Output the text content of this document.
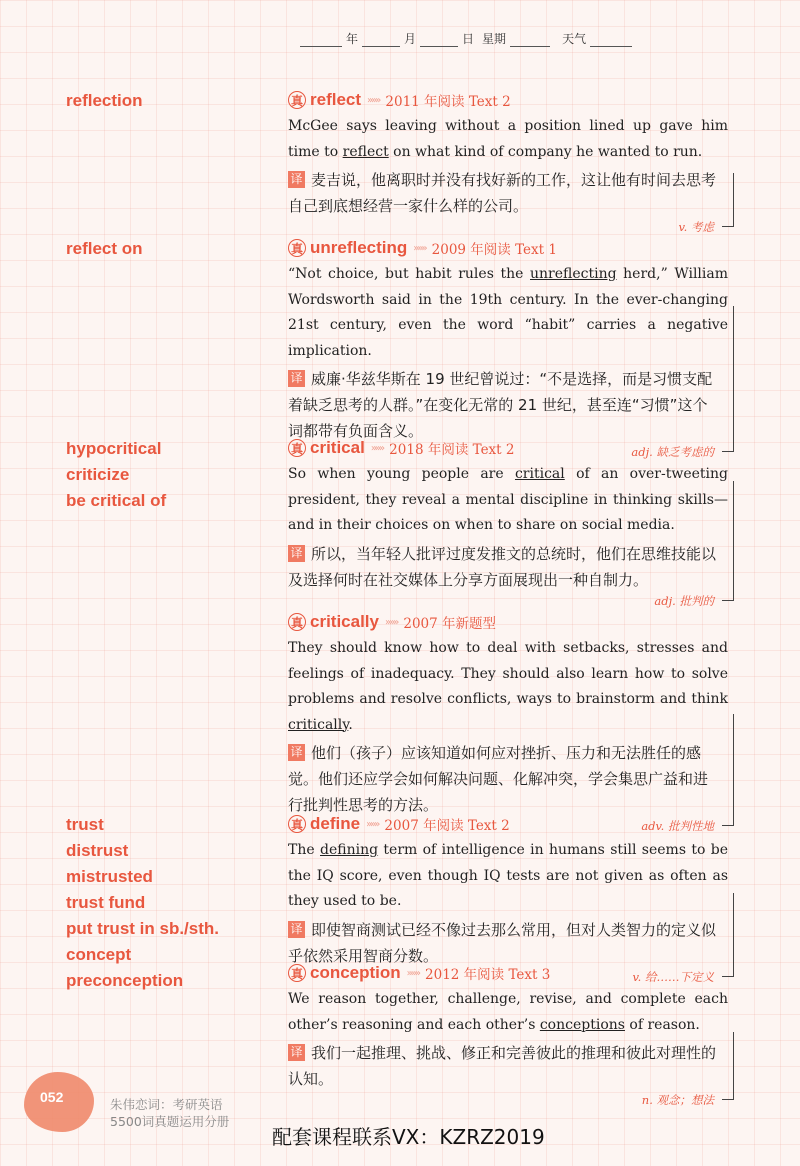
年	月	日 星期	天气
reflection
reflect on
hypocritical
criticize
be critical of
trust
distrust
mistrusted
trust fund
put trust in sb./sth.
concept
preconception
真 reflect »»» 2011 年阅读 Text 2

McGee says leaving without a position lined up gave him time to reflect on what kind of company he wanted to run.

译 麦吉说，他离职时并没有找好新的工作，这让他有时间去思考自己到底想经营一家什么样的公司。
v. 考虑
真 unreflecting »»» 2009 年阅读 Text 1

“Not choice, but habit rules the unreflecting herd,” William Wordsworth said in the 19th century. In the ever-changing 21st century, even the word “habit” carries a negative implication.

译 威廉·华兹华斯在 19 世纪曾说过：“不是选择，而是习惯支配着缺乏思考的人群。”在变化无常的 21 世纪，甚至连“习惯”这个词都带有负面含义。
adj. 缺乏考虑的
真 critical »»» 2018 年阅读 Text 2

So when young people are critical of an over-tweeting president, they reveal a mental discipline in thinking skills—and in their choices on when to share on social media.

译 所以，当年轻人批评过度发推文的总统时，他们在思维技能以及选择何时在社交媒体上分享方面展现出一种自制力。
adj. 批判的
真 critically »»» 2007 年新题型

They should know how to deal with setbacks, stresses and feelings of inadequacy. They should also learn how to solve problems and resolve conflicts, ways to brainstorm and think critically.

译 他们（孩子）应该知道如何应对挫折、压力和无法胜任的感觉。他们还应学会如何解决问题、化解冲突，学会集思广益和进行批判性思考的方法。
adv. 批判性地
真 define »»» 2007 年阅读 Text 2

The defining term of intelligence in humans still seems to be the IQ score, even though IQ tests are not given as often as they used to be.

译 即使智商测试已经不像过去那么常用，但对人类智力的定义似乎依然采用智商分数。
v. 给……下定义
真 conception »»» 2012 年阅读 Text 3

We reason together, challenge, revise, and complete each other’s reasoning and each other’s conceptions of reason.

译 我们一起推理、挑战、修正和完善彼此的推理和彼此对理性的认知。
n. 观念；想法
052	朱伟恋词：考研英语
5500词真题运用分册
配套课程联系VX：KZRZ2019
